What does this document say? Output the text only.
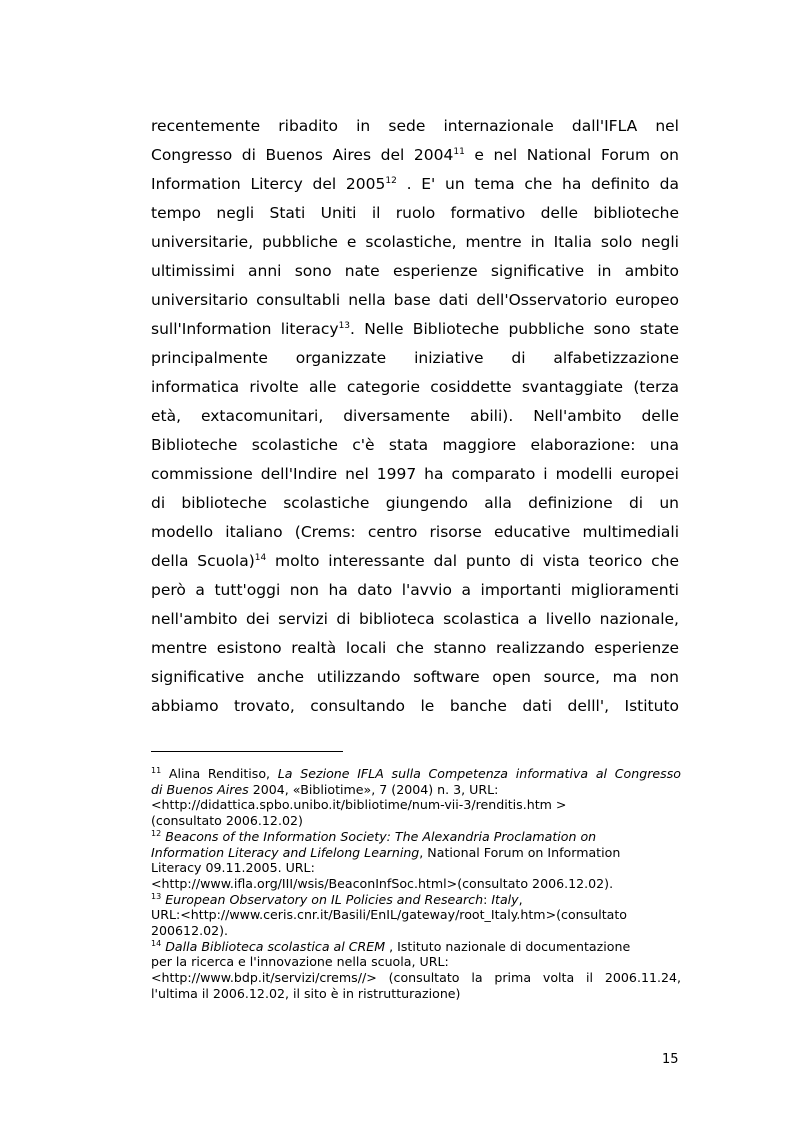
recentemente ribadito in sede internazionale dall'IFLA nel
Congresso di Buenos Aires del 2004$^{11}$ e nel National Forum on
Information Litercy del 2005$^{12}$ . E' un tema che ha definito da
tempo negli Stati Uniti il ruolo formativo delle biblioteche
universitarie, pubbliche e scolastiche, mentre in Italia solo negli
ultimissimi anni sono nate esperienze significative in ambito
universitario consultabli nella base dati dell'Osservatorio europeo
sull'Information literacy$^{13}$. Nelle Biblioteche pubbliche sono state
principalmente organizzate iniziative di alfabetizzazione
informatica rivolte alle categorie cosiddette svantaggiate (terza
età, extacomunitari, diversamente abili). Nell'ambito delle
Biblioteche scolastiche c'è stata maggiore elaborazione: una
commissione dell'Indire nel 1997 ha comparato i modelli europei
di biblioteche scolastiche giungendo alla definizione di un
modello italiano (Crems: centro risorse educative multimediali
della Scuola)$^{14}$ molto interessante dal punto di vista teorico che
però a tutt'oggi non ha dato l'avvio a importanti miglioramenti
nell'ambito dei servizi di biblioteca scolastica a livello nazionale,
mentre esistono realtà locali che stanno realizzando esperienze
significative anche utilizzando software open source, ma non
abbiamo trovato, consultando le banche dati delll', Istituto
$^{11}$ Alina Renditiso, La Sezione IFLA sulla Competenza informativa al Congresso
di Buenos Aires 2004, «Bibliotime», 7 (2004) n. 3, URL:
<http://didattica.spbo.unibo.it/bibliotime/num-vii-3/renditis.htm >
(consultato 2006.12.02)
$^{12}$ Beacons of the Information Society: The Alexandria Proclamation on
Information Literacy and Lifelong Learning, National Forum on Information
Literacy 09.11.2005. URL:
<http://www.ifla.org/III/wsis/BeaconInfSoc.html>(consultato 2006.12.02).
$^{13}$ European Observatory on IL Policies and Research: Italy,
URL:<http://www.ceris.cnr.it/Basili/EnIL/gateway/root_Italy.htm>(consultato
200612.02).
$^{14}$ Dalla Biblioteca scolastica al CREM , Istituto nazionale di documentazione
per la ricerca e l'innovazione nella scuola, URL:
<http://www.bdp.it/servizi/crems//> (consultato la prima volta il 2006.11.24,
l'ultima il 2006.12.02, il sito è in ristrutturazione)
15
